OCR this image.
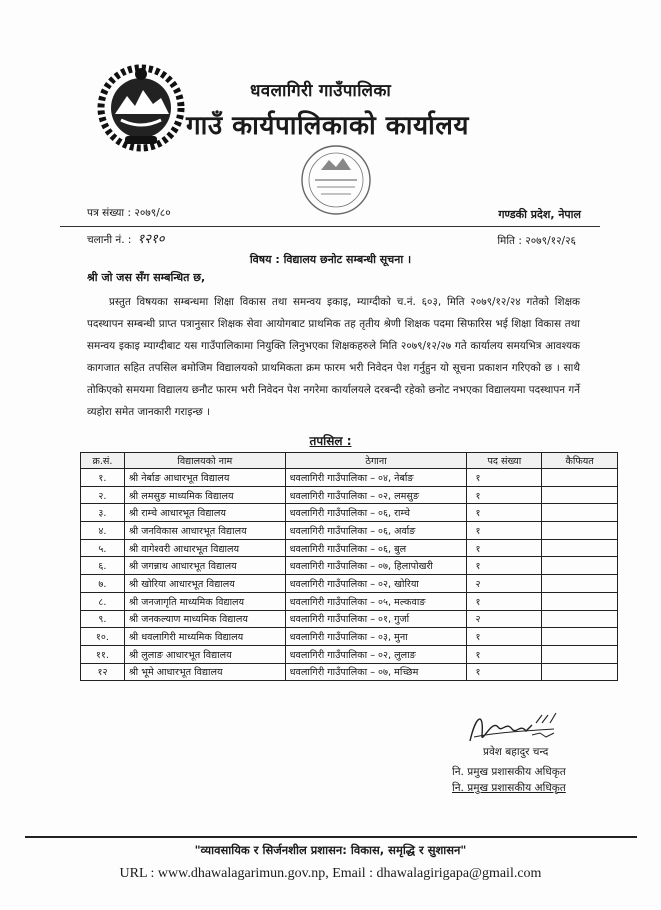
धवलागिरी गाउँपालिका
गाउँ कार्यपालिकाको कार्यालय
पत्र संख्या : २०७९/८०
चलानी नं. : १२१०
गण्डकी प्रदेश, नेपाल
मिति : २०७९/१२/२६
विषय : विद्यालय छनोट सम्बन्धी सूचना ।
श्री जो जस सँग सम्बन्धित छ,
प्रस्तुत विषयका सम्बन्धमा शिक्षा विकास तथा समन्वय इकाइ, म्याग्दीको च.नं. ६०३, मिति २०७९/१२/२४ गतेको शिक्षक पदस्थापन सम्बन्धी प्राप्त पत्रानुसार शिक्षक सेवा आयोगबाट प्राथमिक तह तृतीय श्रेणी शिक्षक पदमा सिफारिस भई शिक्षा विकास तथा समन्वय इकाइ म्याग्दीबाट यस गाउँपालिकामा नियुक्ति लिनुभएका शिक्षकहरुले मिति २०७९/१२/२७ गते कार्यालय समयभित्र आवश्यक कागजात सहित तपसिल बमोजिम विद्यालयको प्राथमिकता क्रम फारम भरी निवेदन पेश गर्नुहुन यो सूचना प्रकाशन गरिएको छ । साथै तोकिएको समयमा विद्यालय छनौट फारम भरी निवेदन पेश नगरेमा कार्यालयले दरबन्दी रहेको छनोट नभएका विद्यालयमा पदस्थापन गर्ने व्यहोरा समेत जानकारी गराइन्छ ।
तपसिल :
क्र.सं.	विद्यालयको नाम	ठेगाना	पद संख्या	कैफियत
१.	श्री नेर्बाङ आधारभूत विद्यालय	धवलागिरी गाउँपालिका – ०४, नेर्बाङ	१	
२.	श्री लमसुङ माध्यमिक विद्यालय	धवलागिरी गाउँपालिका – ०२, लमसुङ	१	
३.	श्री राम्चे आधारभूत विद्यालय	धवलागिरी गाउँपालिका – ०६, राम्चे	१	
४.	श्री जनविकास आधारभूत विद्यालय	धवलागिरी गाउँपालिका – ०६, अर्वाङ	१	
५.	श्री वागेश्वरी आधारभूत विद्यालय	धवलागिरी गाउँपालिका – ०६, बुल	१	
६.	श्री जगन्नाथ आधारभूत विद्यालय	धवलागिरी गाउँपालिका – ०७, हिलापोखरी	१	
७.	श्री खोरिया आधारभूत विद्यालय	धवलागिरी गाउँपालिका – ०२, खोरिया	२	
८.	श्री जनजागृति माध्यमिक विद्यालय	धवलागिरी गाउँपालिका – ०५, मल्कवाङ	१	
९.	श्री जनकल्याण माध्यमिक विद्यालय	धवलागिरी गाउँपालिका – ०१, गुर्जा	२	
१०.	श्री धवलागिरी माध्यमिक विद्यालय	धवलागिरी गाउँपालिका – ०३, मुना	१	
११.	श्री लुलाङ आधारभूत विद्यालय	धवलागिरी गाउँपालिका – ०२, लुलाङ	१	
१२	श्री भूमे आधारभूत विद्यालय	धवलागिरी गाउँपालिका – ०७, मच्छिम	१	
प्रवेश बहादुर चन्द
नि. प्रमुख प्रशासकीय अधिकृत
नि. प्रमुख प्रशासकीय अधिकृत
"व्यावसायिक र सिर्जनशील प्रशासन: विकास, समृद्धि र सुशासन"
URL : www.dhawalagarimun.gov.np, Email : dhawalagirigapa@gmail.com
